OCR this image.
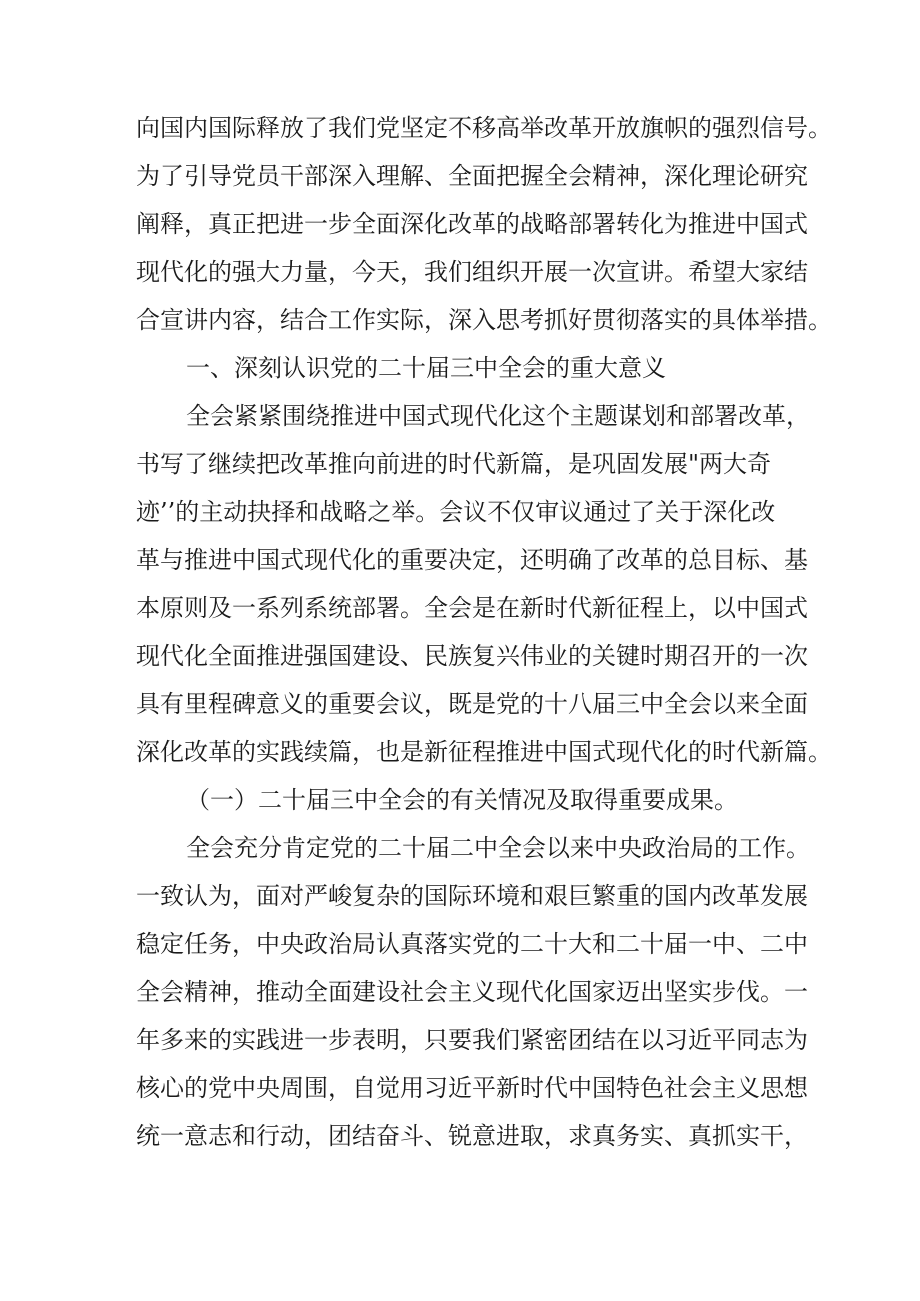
向国内国际释放了我们党坚定不移高举改革开放旗帜的强烈信号。
为了引导党员干部深入理解、全面把握全会精神，深化理论研究
阐释，真正把进一步全面深化改革的战略部署转化为推进中国式
现代化的强大力量，今天，我们组织开展一次宣讲。希望大家结
合宣讲内容，结合工作实际，深入思考抓好贯彻落实的具体举措。
一、深刻认识党的二十届三中全会的重大意义
全会紧紧围绕推进中国式现代化这个主题谋划和部署改革，
书写了继续把改革推向前进的时代新篇，是巩固发展"两大奇
迹’’的主动抉择和战略之举。会议不仅审议通过了关于深化改
革与推进中国式现代化的重要决定，还明确了改革的总目标、基
本原则及一系列系统部署。全会是在新时代新征程上，以中国式
现代化全面推进强国建设、民族复兴伟业的关键时期召开的一次
具有里程碑意义的重要会议，既是党的十八届三中全会以来全面
深化改革的实践续篇，也是新征程推进中国式现代化的时代新篇。
（一）二十届三中全会的有关情况及取得重要成果。
全会充分肯定党的二十届二中全会以来中央政治局的工作。
一致认为，面对严峻复杂的国际环境和艰巨繁重的国内改革发展
稳定任务，中央政治局认真落实党的二十大和二十届一中、二中
全会精神，推动全面建设社会主义现代化国家迈出坚实步伐。一
年多来的实践进一步表明，只要我们紧密团结在以习近平同志为
核心的党中央周围，自觉用习近平新时代中国特色社会主义思想
统一意志和行动，团结奋斗、锐意进取，求真务实、真抓实干，
